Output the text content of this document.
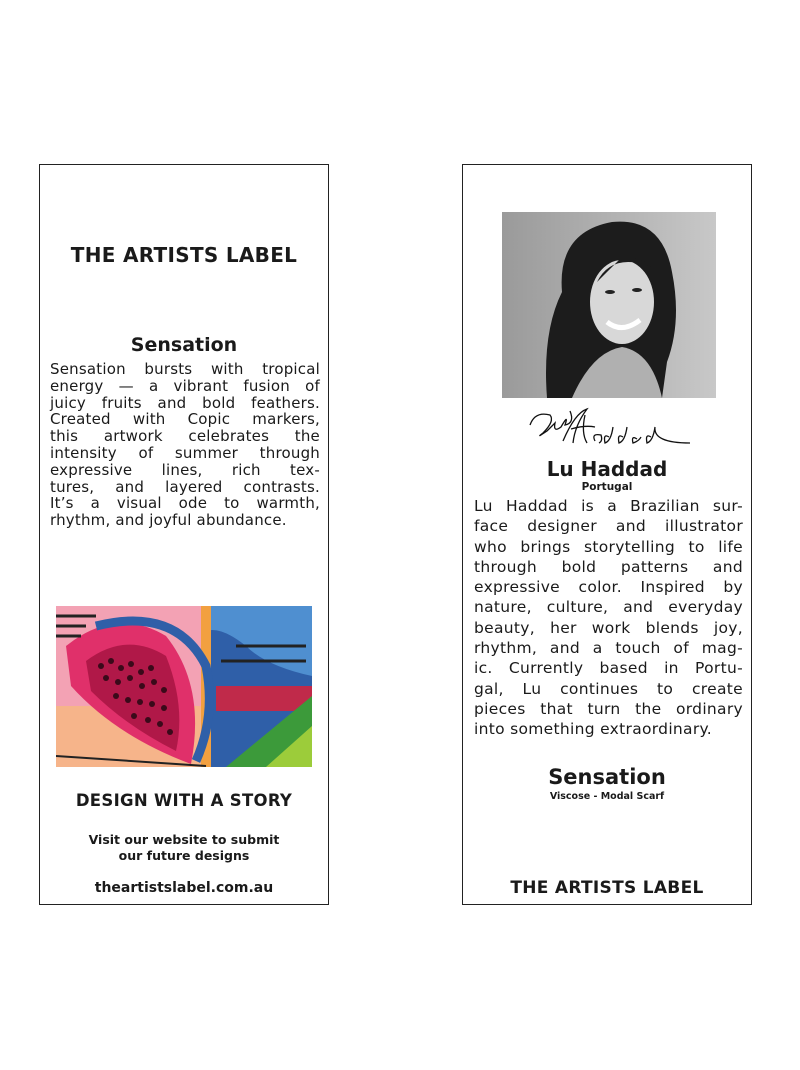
THE ARTISTS LABEL
Sensation
Sensation bursts with tropical
energy — a vibrant fusion of
juicy fruits and bold feathers.
Created with Copic markers,
this artwork celebrates the
intensity of summer through
expressive lines, rich tex-
tures, and layered contrasts.
It’s a visual ode to warmth,
rhythm, and joyful abundance.
DESIGN WITH A STORY
Visit our website to submit
our future designs
theartistslabel.com.au
Lu Haddad
Portugal
Lu Haddad is a Brazilian sur-
face designer and illustrator
who brings storytelling to life
through bold patterns and
expressive color. Inspired by
nature, culture, and everyday
beauty, her work blends joy,
rhythm, and a touch of mag-
ic. Currently based in Portu-
gal, Lu continues to create
pieces that turn the ordinary
into something extraordinary.
Sensation
Viscose - Modal Scarf
THE ARTISTS LABEL
